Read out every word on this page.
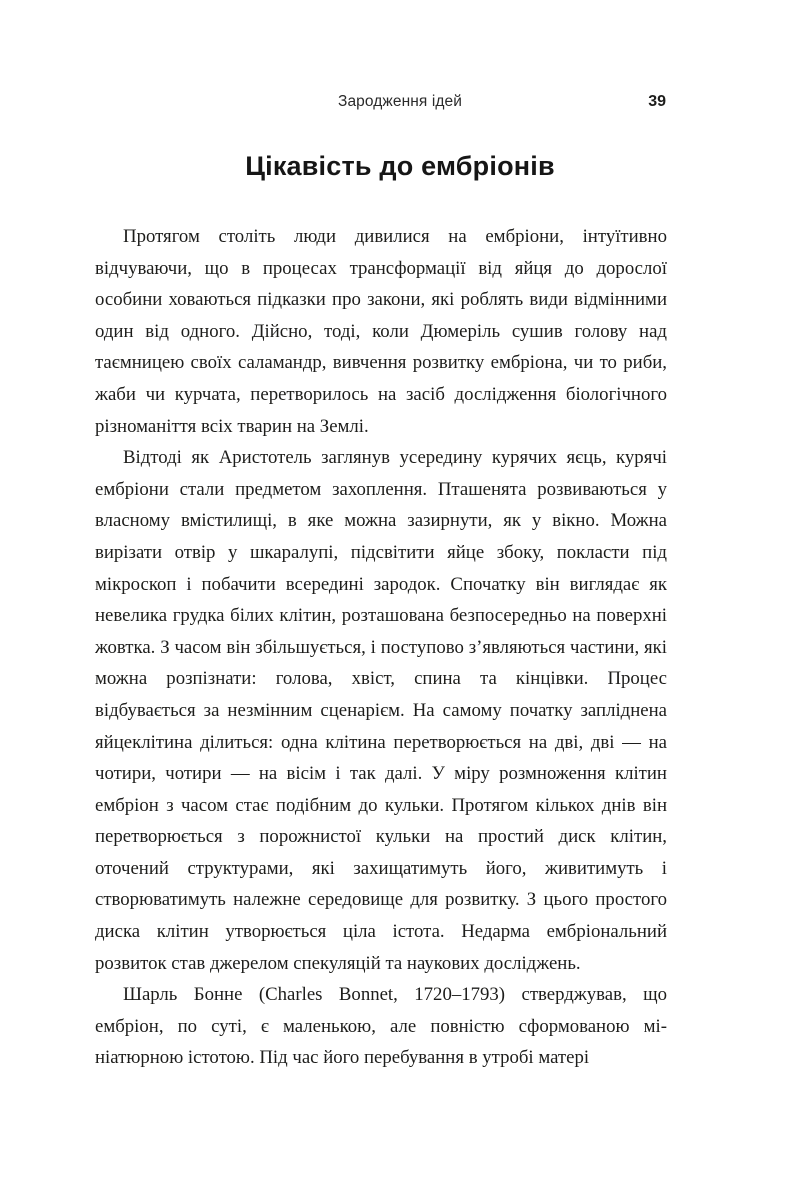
Зародження ідей	39
Цікавість до ембріонів

Протягом століть люди дивилися на ембріони, інтуїтивно відчуваючи, що в процесах трансформації від яйця до дорослої особини ховаються підказки про закони, які роблять види відмінними один від одного. Дійсно, тоді, коли Дюмеріль сушив голову над таємницею своїх саламандр, вивчення розвитку ембріона, чи то риби, жаби чи курчата, перетворилось на засіб дослідження біологічного різноманіття всіх тварин на Землі.

Відтоді як Аристотель заглянув усередину курячих яєць, курячі ембріони стали предметом захоплення. Пташенята розвиваються у власному вмістилищі, в яке можна зазирнути, як у вікно. Можна вирізати отвір у шкаралупі, підсвітити яйце збоку, покласти під мікроскоп і побачити всередині зародок. Спочатку він виглядає як невелика грудка білих клітин, розташована безпосередньо на поверхні жовтка. З часом він збільшується, і поступово з’являються частини, які можна розпізнати: голова, хвіст, спина та кінцівки. Процес відбувається за незмінним сценарієм. На самому початку запліднена яйцеклітина ділиться: одна клітина перетворюється на дві, дві — на чотири, чотири — на вісім і так далі. У міру розмноження клітин ембріон з часом стає подібним до кульки. Протягом кількох днів він перетворюється з порожнистої кульки на простий диск клітин, оточений структурами, які захищатимуть його, живитимуть і створюватимуть належне середовище для розвитку. З цього простого диска клітин утворюється ціла істота. Недарма ембріональний розвиток став джерелом спекуляцій та наукових досліджень.

Шарль Бонне (Charles Bonnet, 1720–1793) стверджував, що ембріон, по суті, є маленькою, але повністю сформованою мініатюрною істотою. Під час його перебування в утробі матері
